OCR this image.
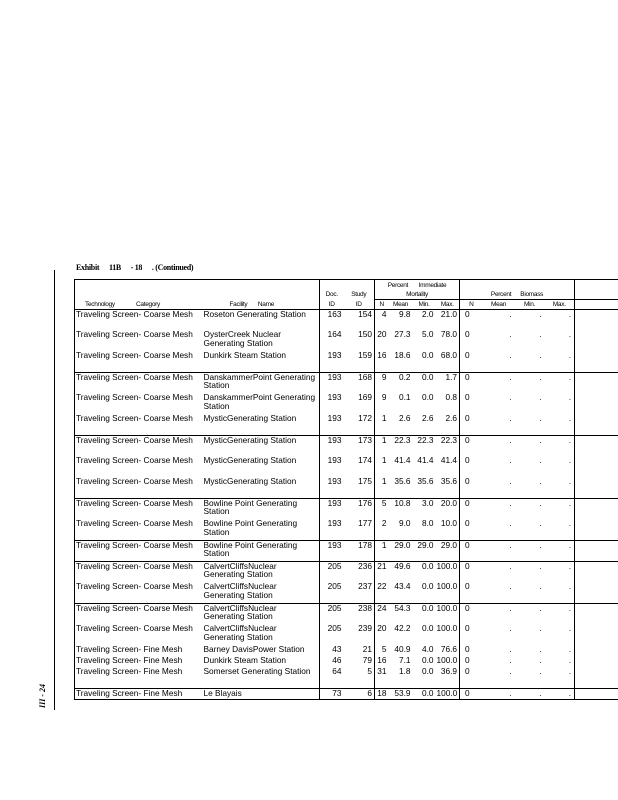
III - 24
Exhibit 11B - 18 . (Continued)
				Percent Immediate								
		Doc.	Study	Mortality				Percent Biomass				
Technology Category	Facility Name	ID	ID	N	Mean	Min.	Max.	N	Mean	Min.	Max.	
Traveling Screen- Coarse Mesh	Roseton Generating Station	163	154	4	9.8	2.0	21.0	0	.	.	.	
Traveling Screen- Coarse Mesh	OysterCreek Nuclear Generating Station	164	150	20	27.3	5.0	78.0	0	.	.	.	
Traveling Screen- Coarse Mesh	Dunkirk Steam Station	193	159	16	18.6	0.0	68.0	0	.	.	.	
Traveling Screen- Coarse Mesh	DanskammerPoint Generating Station	193	168	9	0.2	0.0	1.7	0	.	.	.	
Traveling Screen- Coarse Mesh	DanskammerPoint Generating Station	193	169	9	0.1	0.0	0.8	0	.	.	.	
Traveling Screen- Coarse Mesh	MysticGenerating Station	193	172	1	2.6	2.6	2.6	0	.	.	.	
Traveling Screen- Coarse Mesh	MysticGenerating Station	193	173	1	22.3	22.3	22.3	0	.	.	.	
Traveling Screen- Coarse Mesh	MysticGenerating Station	193	174	1	41.4	41.4	41.4	0	.	.	.	
Traveling Screen- Coarse Mesh	MysticGenerating Station	193	175	1	35.6	35.6	35.6	0	.	.	.	
Traveling Screen- Coarse Mesh	Bowline Point Generating Station	193	176	5	10.8	3.0	20.0	0	.	.	.	
Traveling Screen- Coarse Mesh	Bowline Point Generating Station	193	177	2	9.0	8.0	10.0	0	.	.	.	
Traveling Screen- Coarse Mesh	Bowline Point Generating Station	193	178	1	29.0	29.0	29.0	0	.	.	.	
Traveling Screen- Coarse Mesh	CalvertCliffsNuclear Generating Station	205	236	21	49.6	0.0	100.0	0	.	.	.	
Traveling Screen- Coarse Mesh	CalvertCliffsNuclear Generating Station	205	237	22	43.4	0.0	100.0	0	.	.	.	
Traveling Screen- Coarse Mesh	CalvertCliffsNuclear Generating Station	205	238	24	54.3	0.0	100.0	0	.	.	.	
Traveling Screen- Coarse Mesh	CalvertCliffsNuclear Generating Station	205	239	20	42.2	0.0	100.0	0	.	.	.	
Traveling Screen- Fine Mesh	Barney DavisPower Station	43	21	5	40.9	4.0	76.6	0	.	.	.	
Traveling Screen- Fine Mesh	Dunkirk Steam Station	46	79	16	7.1	0.0	100.0	0	.	.	.	
Traveling Screen- Fine Mesh	Somerset Generating Station	64	5	31	1.8	0.0	36.9	0	.	.	.	
Traveling Screen- Fine Mesh	Le Blayais	73	6	18	53.9	0.0	100.0	0	.	.	.	
